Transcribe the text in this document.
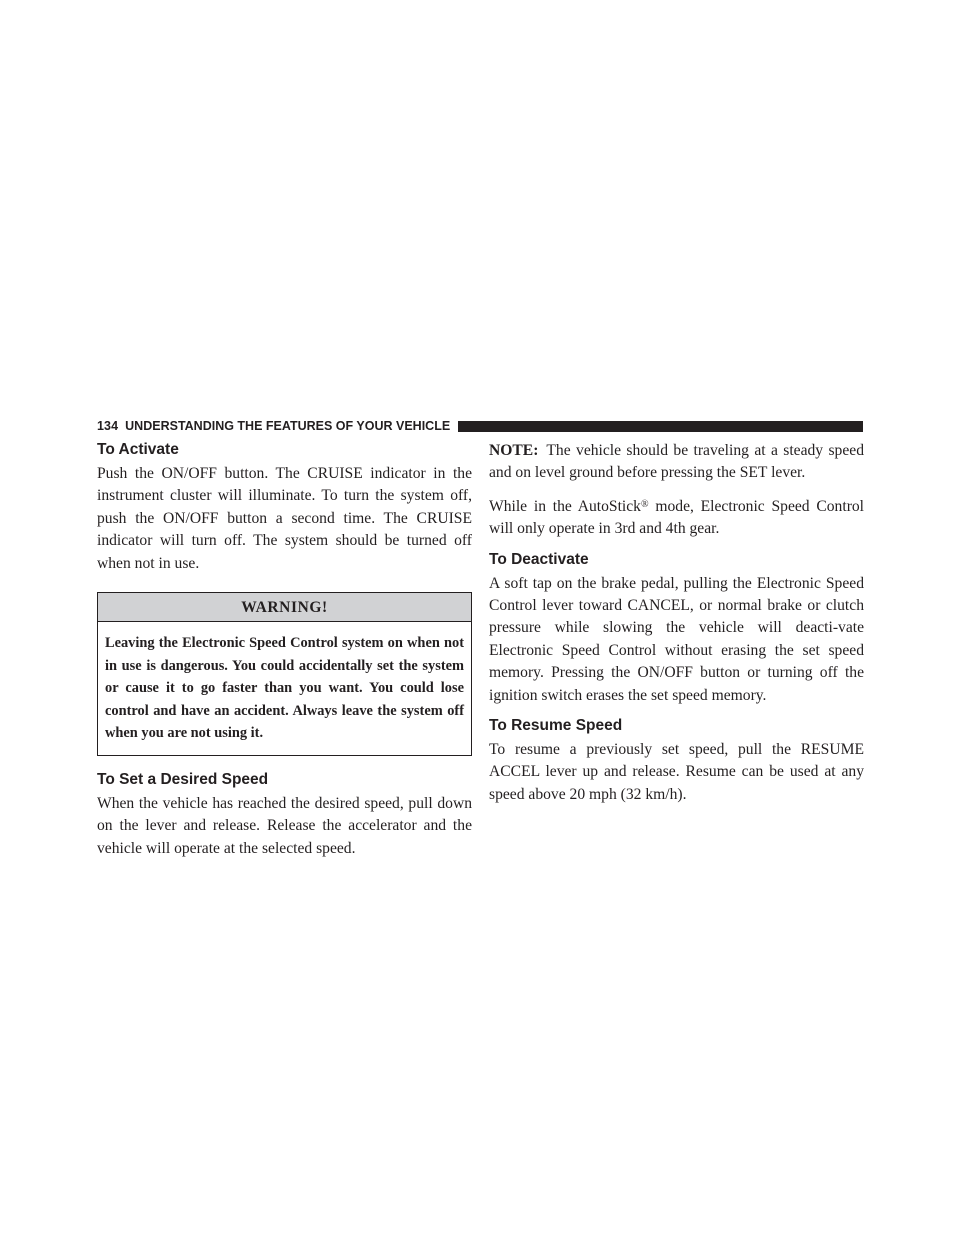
134 UNDERSTANDING THE FEATURES OF YOUR VEHICLE
To Activate

Push the ON/OFF button. The CRUISE indicator in the instrument cluster will illuminate. To turn the system off, push the ON/OFF button a second time. The CRUISE indicator will turn off. The system should be turned off when not in use.

WARNING!
Leaving the Electronic Speed Control system on when not in use is dangerous. You could accidentally set the system or cause it to go faster than you want. You could lose control and have an accident. Always leave the system off when you are not using it.
To Set a Desired Speed

When the vehicle has reached the desired speed, pull down on the lever and release. Release the accelerator and the vehicle will operate at the selected speed.

NOTE: The vehicle should be traveling at a steady speed and on level ground before pressing the SET lever.

While in the AutoStick® mode, Electronic Speed Control will only operate in 3rd and 4th gear.

To Deactivate

A soft tap on the brake pedal, pulling the Electronic Speed Control lever toward CANCEL, or normal brake or clutch pressure while slowing the vehicle will deacti-vate Electronic Speed Control without erasing the set speed memory. Pressing the ON/OFF button or turning off the ignition switch erases the set speed memory.

To Resume Speed

To resume a previously set speed, pull the RESUME ACCEL lever up and release. Resume can be used at any speed above 20 mph (32 km/h).
